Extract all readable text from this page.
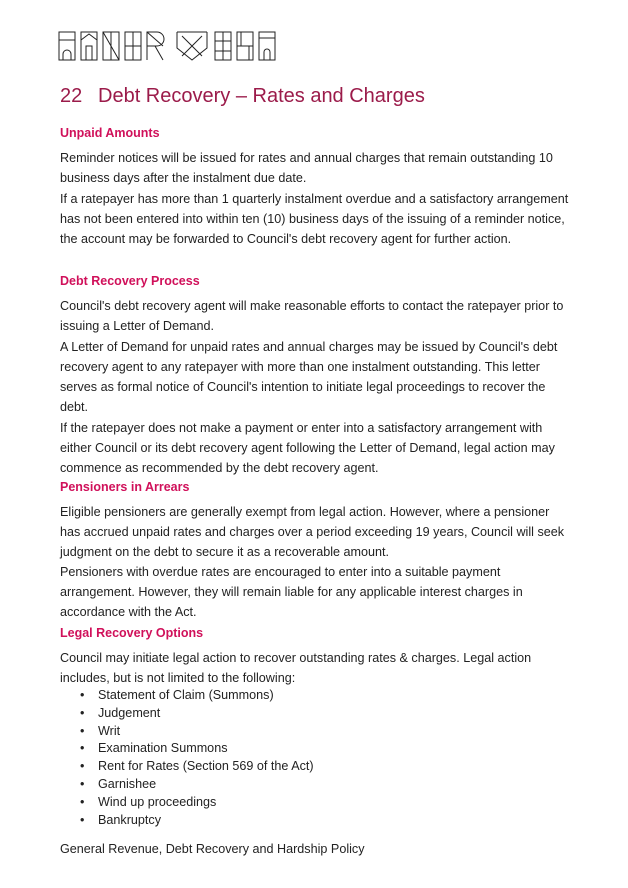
22 Debt Recovery – Rates and Charges
Unpaid Amounts

Reminder notices will be issued for rates and annual charges that remain outstanding 10 business days after the instalment due date.

If a ratepayer has more than 1 quarterly instalment overdue and a satisfactory arrangement has not been entered into within ten (10) business days of the issuing of a reminder notice, the account may be forwarded to Council's debt recovery agent for further action.

Debt Recovery Process

Council's debt recovery agent will make reasonable efforts to contact the ratepayer prior to issuing a Letter of Demand.

A Letter of Demand for unpaid rates and annual charges may be issued by Council's debt recovery agent to any ratepayer with more than one instalment outstanding. This letter serves as formal notice of Council's intention to initiate legal proceedings to recover the debt.

If the ratepayer does not make a payment or enter into a satisfactory arrangement with either Council or its debt recovery agent following the Letter of Demand, legal action may commence as recommended by the debt recovery agent.

Pensioners in Arrears

Eligible pensioners are generally exempt from legal action. However, where a pensioner has accrued unpaid rates and charges over a period exceeding 19 years, Council will seek judgment on the debt to secure it as a recoverable amount.

Pensioners with overdue rates are encouraged to enter into a suitable payment arrangement. However, they will remain liable for any applicable interest charges in accordance with the Act.

Legal Recovery Options

Council may initiate legal action to recover outstanding rates & charges. Legal action includes, but is not limited to the following:

• Statement of Claim (Summons)
• Judgement
• Writ
• Examination Summons
• Rent for Rates (Section 569 of the Act)
• Garnishee
• Wind up proceedings
• Bankruptcy
General Revenue, Debt Recovery and Hardship Policy
